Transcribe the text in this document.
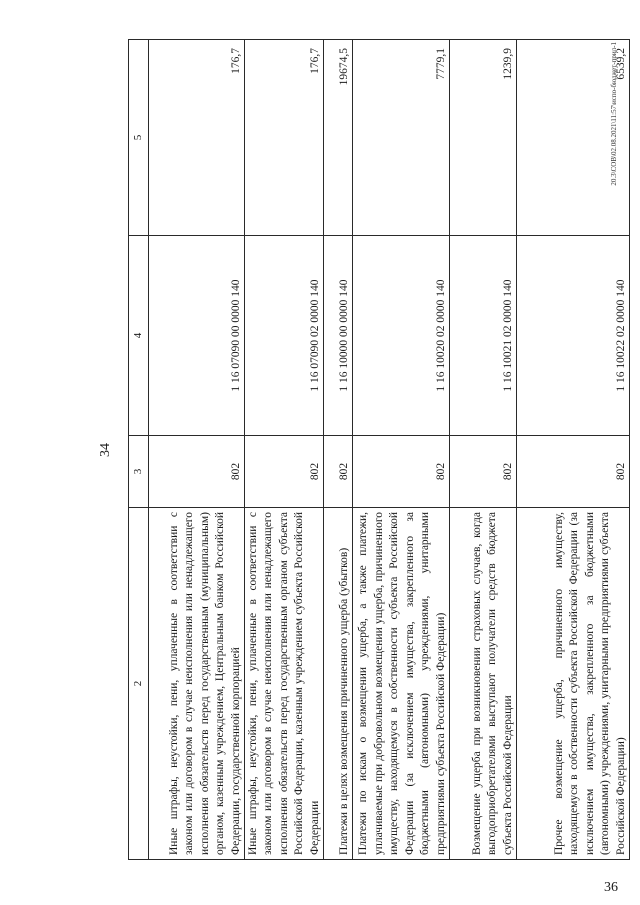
36
34
2	3	4	5
Иные штрафы, неустойки, пени, уплаченные в соответствии с законом или договором в случае неисполнения или ненадлежащего исполнения обязательств перед государственным (муниципальным) органом, казенным учреждением, Центральным банком Российской Федерации, государственной корпорацией	802	1 16 07090 00 0000 140	176,7
Иные штрафы, неустойки, пени, уплаченные в соответствии с законом или договором в случае неисполнения или ненадлежащего исполнения обязательств перед государственным органом субъекта Российской Федерации, казенным учреждением субъекта Российской Федерации	802	1 16 07090 02 0000 140	176,7
Платежи в целях возмещения причиненного ущерба (убытков)	802	1 16 10000 00 0000 140	19674,5
Платежи по искам о возмещении ущерба, а также платежи, уплачиваемые при добровольном возмещении ущерба, причиненного имуществу, находящемуся в собственности субъекта Российской Федерации (за исключением имущества, закрепленного за бюджетными (автономными) учреждениями, унитарными предприятиями субъекта Российской Федерации)	802	1 16 10020 02 0000 140	7779,1
Возмещение ущерба при возникновении страховых случаев, когда выгодоприобретателями выступают получатели средств бюджета субъекта Российской Федерации	802	1 16 10021 02 0000 140	1239,9
Прочее возмещение ущерба, причиненного имуществу, находящемуся в собственности субъекта Российской Федерации (за исключением имущества, закрепленного за бюджетными (автономными) учреждениями, унитарными предприятиями субъекта Российской Федерации)	802	1 16 10022 02 0000 140	6539,2
20.3\СОВ\02.08.2021\11:57\испо-бюджет-прил-1
